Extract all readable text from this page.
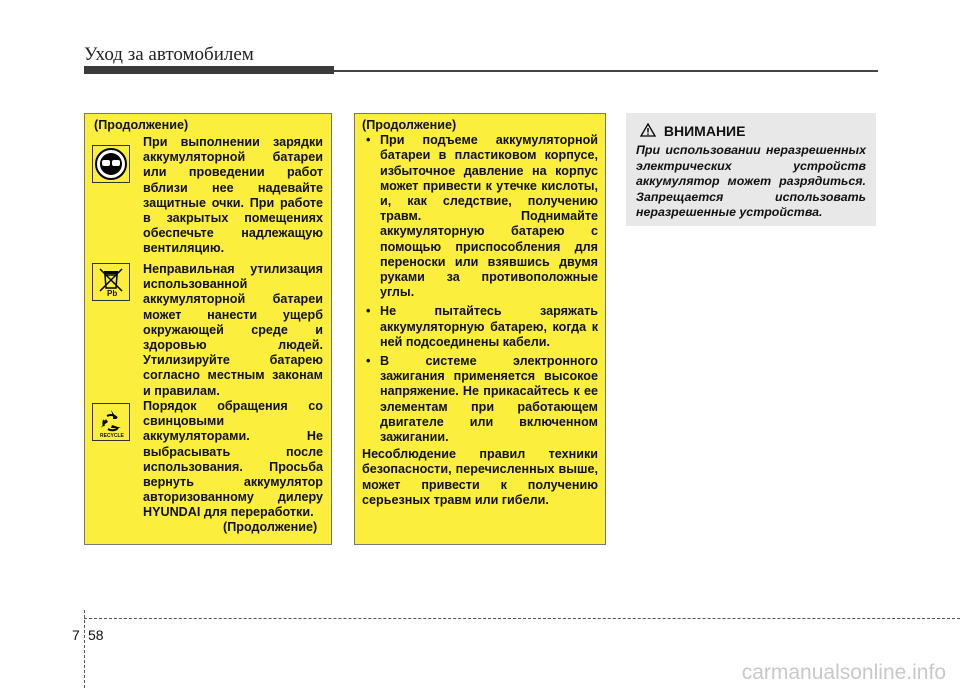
Уход за автомобилем
(Продолжение)
При выполнении зарядки аккумуляторной батареи или проведении работ вблизи нее надевайте защитные очки. При работе в закрытых помещениях обеспечьте надлежащую вентиляцию.
Pb
Неправильная утилизация использованной аккумуляторной батареи может нанести ущерб окружающей среде и здоровью людей. Утилизируйте батарею согласно местным законам и правилам.
RECYCLE
Порядок обращения со свинцовыми аккумуляторами. Не выбрасывать после использования. Просьба вернуть аккумулятор авторизованному дилеру HYUNDAI для переработки.
(Продолжение)
(Продолжение)
• При подъеме аккумуляторной батареи в пластиковом корпусе, избыточное давление на корпус может привести к утечке кислоты, и, как следствие, получению травм. Поднимайте аккумуляторную батарею с помощью приспособления для переноски или взявшись двумя руками за противоположные углы.
• Не пытайтесь заряжать аккумуляторную батарею, когда к ней подсоединены кабели.
• В системе электронного зажигания применяется высокое напряжение. Не прикасайтесь к ее элементам при работающем двигателе или включенном зажигании.
Несоблюдение правил техники безопасности, перечисленных выше, может привести к получению серьезных травм или гибели.
ВНИМАНИЕ
При использовании неразрешенных электрических устройств аккумулятор может разрядиться. Запрещается использовать неразрешенные устройства.
7 58
carmanualsonline.info
